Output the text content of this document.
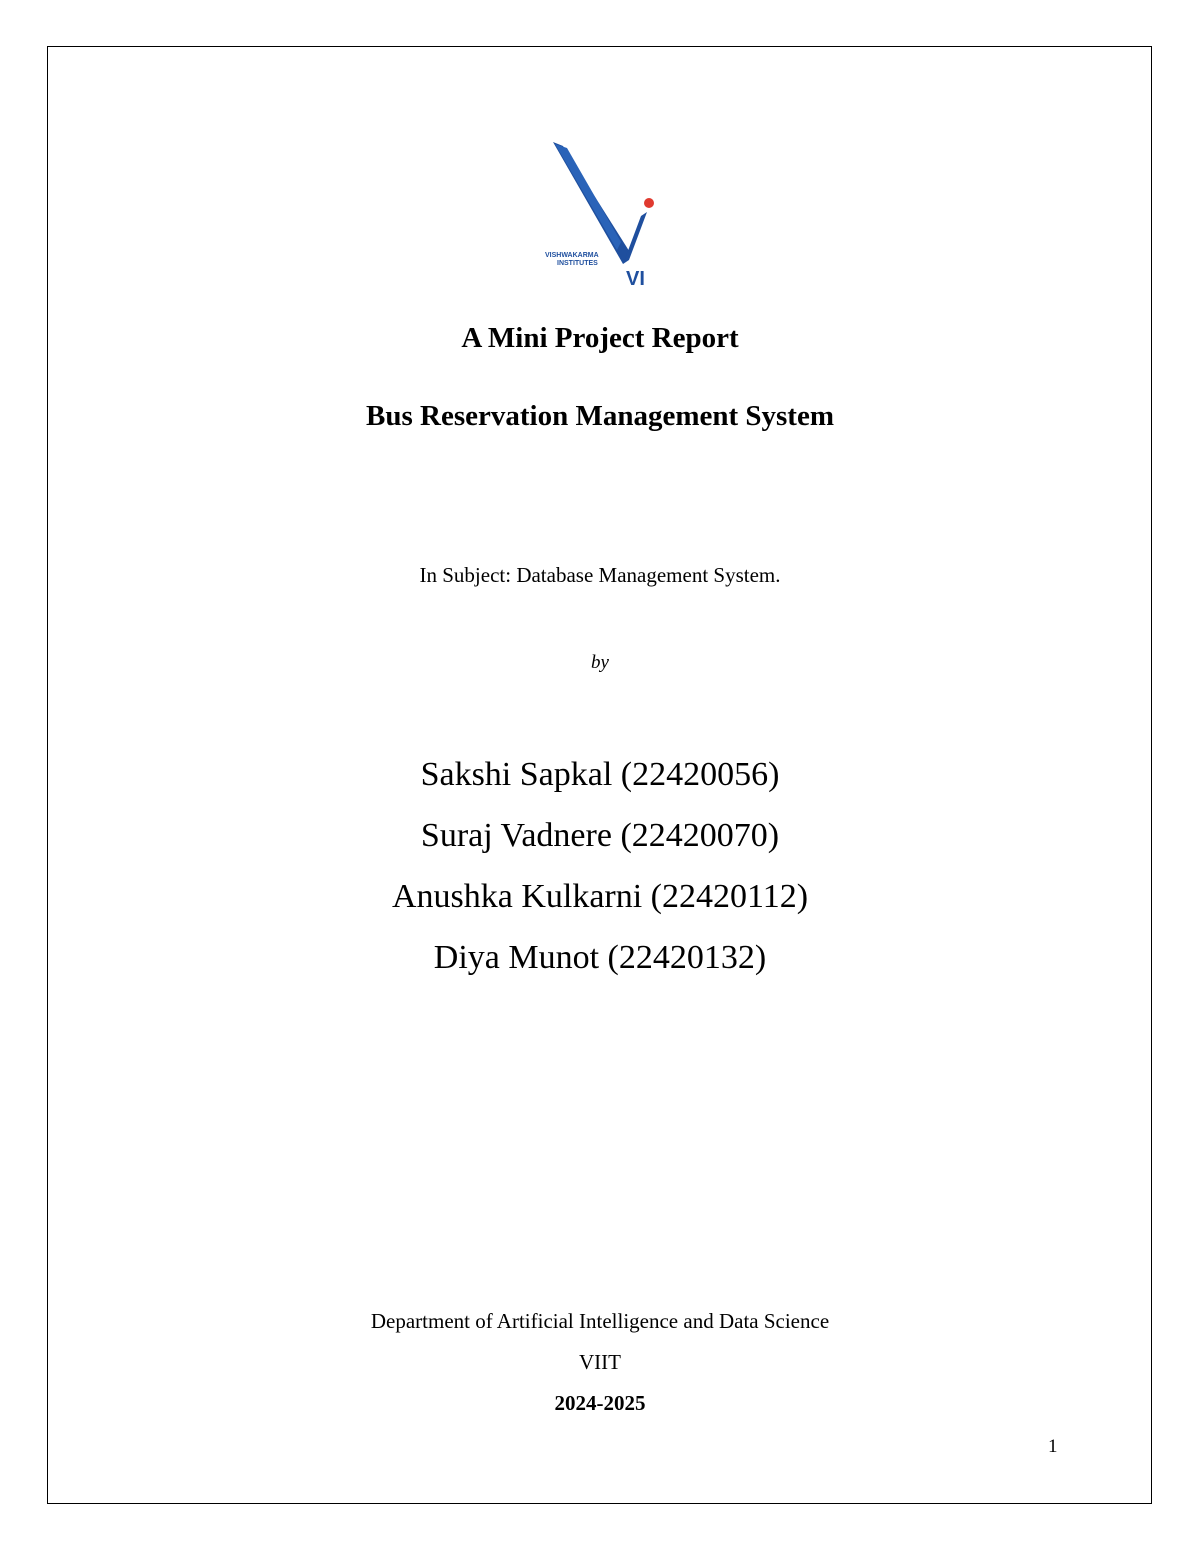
VISHWAKARMA
INSTITUTES
VI
A Mini Project Report
Bus Reservation Management System
In Subject: Database Management System.
by
Sakshi Sapkal (22420056)
Suraj Vadnere (22420070)
Anushka Kulkarni (22420112)
Diya Munot (22420132)
Department of Artificial Intelligence and Data Science
VIIT
2024-2025
1
